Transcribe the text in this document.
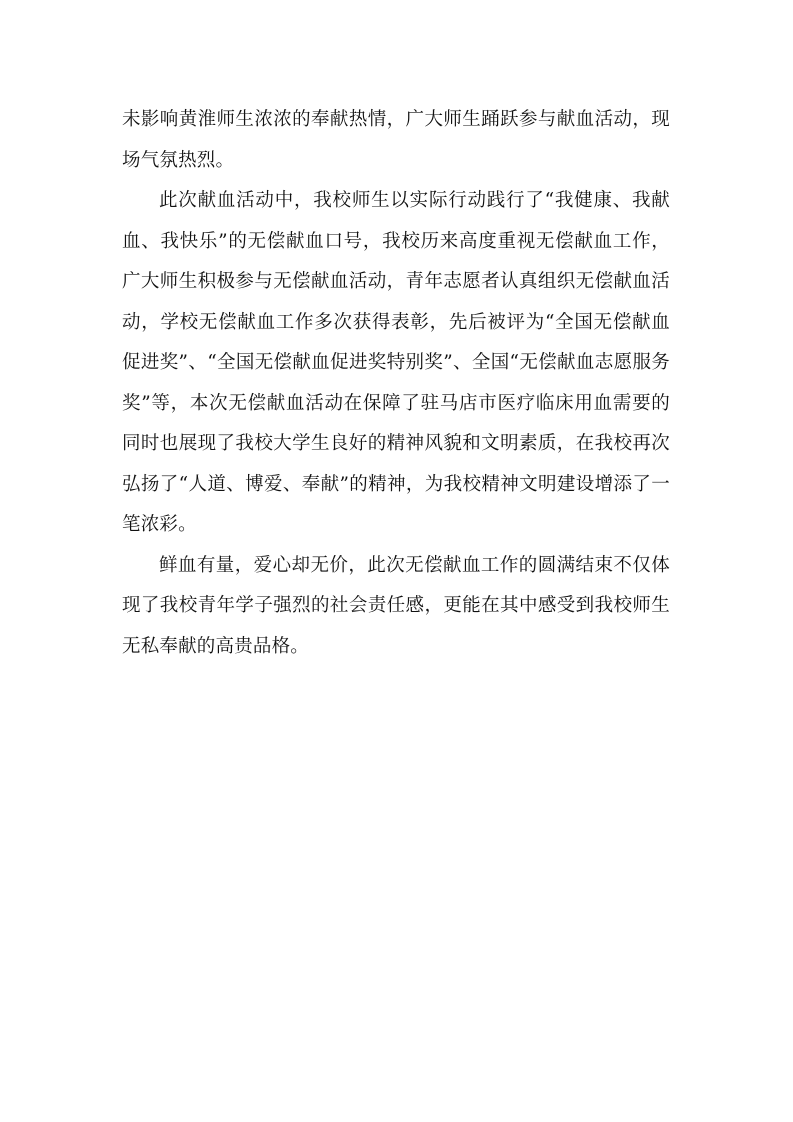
未影响黄淮师生浓浓的奉献热情，广大师生踊跃参与献血活动，现场气氛热烈。

此次献血活动中，我校师生以实际行动践行了“我健康、我献血、我快乐”的无偿献血口号，我校历来高度重视无偿献血工作，广大师生积极参与无偿献血活动，青年志愿者认真组织无偿献血活动，学校无偿献血工作多次获得表彰，先后被评为“全国无偿献血促进奖”、“全国无偿献血促进奖特别奖”、全国“无偿献血志愿服务奖”等，本次无偿献血活动在保障了驻马店市医疗临床用血需要的同时也展现了我校大学生良好的精神风貌和文明素质，在我校再次弘扬了“人道、博爱、奉献”的精神，为我校精神文明建设增添了一笔浓彩。

鲜血有量，爱心却无价，此次无偿献血工作的圆满结束不仅体现了我校青年学子强烈的社会责任感，更能在其中感受到我校师生无私奉献的高贵品格。
